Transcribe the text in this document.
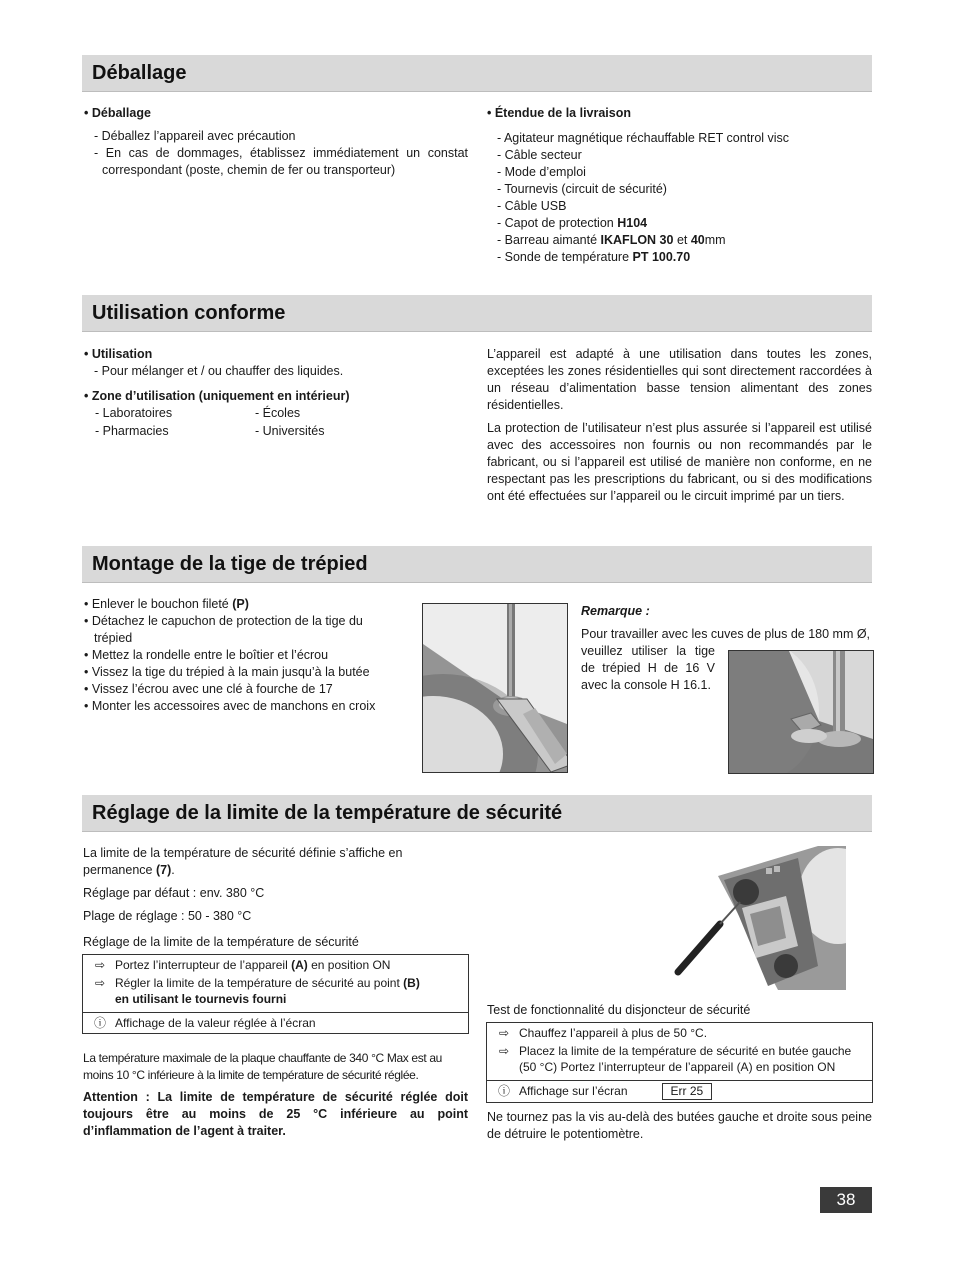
Déballage
• Déballage
- Déballez l’appareil avec précaution
- En cas de dommages, établissez immédiatement un constat correspondant (poste, chemin de fer ou transporteur)
• Étendue de la livraison
- Agitateur magnétique réchauffable RET control visc
- Câble secteur
- Mode d’emploi
- Tournevis (circuit de sécurité)
- Câble USB
- Capot de protection H104
- Barreau aimanté IKAFLON 30 et 40mm
- Sonde de température PT 100.70
Utilisation conforme
• Utilisation
- Pour mélanger et / ou chauffer des liquides.
• Zone d’utilisation (uniquement en intérieur)
- Laboratoires
- Pharmacies
- Écoles
- Universités

L’appareil est adapté à une utilisation dans toutes les zones, exceptées les zones résidentielles qui sont directement raccordées à un réseau d’alimentation basse tension alimentant des zones résidentielles.

La protection de l’utilisateur n’est plus assurée si l’appareil est utilisé avec des accessoires non fournis ou non recommandés par le fabricant, ou si l’appareil est utilisé de manière non conforme, en ne respectant pas les prescriptions du fabricant, ou si des modifications ont été effectuées sur l’appareil ou le circuit imprimé par un tiers.

Montage de la tige de trépied
• Enlever le bouchon fileté (P)
• Détachez le capuchon de protection de la tige du trépied
• Mettez la rondelle entre le boîtier et l’écrou
• Vissez la tige du trépied à la main jusqu’à la butée
• Vissez l’écrou avec une clé à fourche de 17
• Monter les accessoires avec de manchons en croix
Remarque :
Pour travailler avec les cuves de plus de 180 mm Ø,

veuillez utiliser la tige de trépied H de 16 V avec la console H 16.1.

Réglage de la limite de la température de sécurité

La limite de la température de sécurité définie s’affiche en permanence (7).

Réglage par défaut : env. 380 °C

Plage de réglage : 50 - 380 °C

Réglage de la limite de la température de sécurité
⇨ Portez l’interrupteur de l’appareil (A) en position ON
⇨ Régler la limite de la température de sécurité au point (B)
en utilisant le tournevis fourni
ⓘ Affichage de la valeur réglée à l’écran
La température maximale de la plaque chauffante de 340 °C Max est au moins 10 °C inférieure à la limite de température de sécurité réglée.
Attention : La limite de température de sécurité réglée doit toujours être au moins de 25 °C inférieure au point d’inflammation de l’agent à traiter.
Test de fonctionnalité du disjoncteur de sécurité
⇨ Chauffez l’appareil à plus de 50 °C.
⇨ Placez la limite de la température de sécurité en butée gauche (50 °C) Portez l’interrupteur de l’appareil (A) en position ON
ⓘ Affichage sur l’écran	Err 25
Ne tournez pas la vis au-delà des butées gauche et droite sous peine de détruire le potentiomètre.
38
